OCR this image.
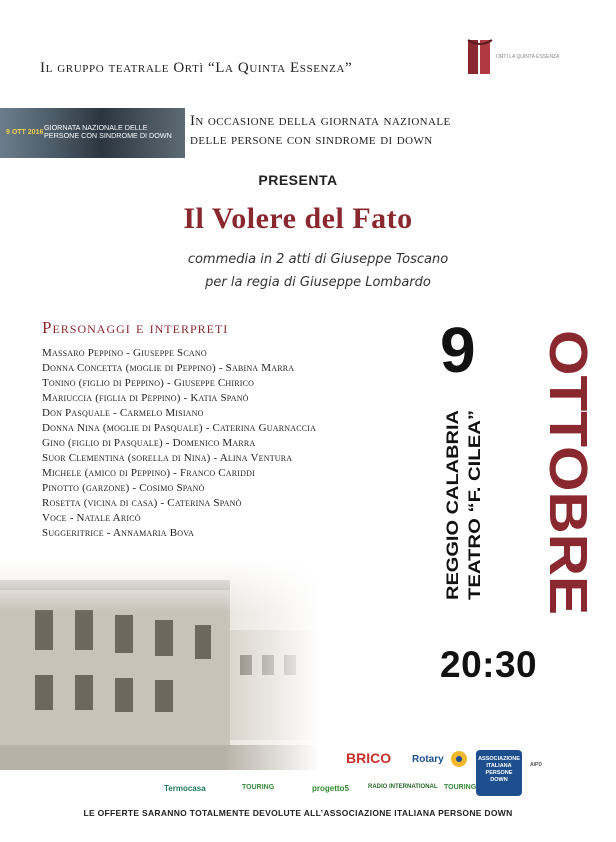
Il gruppo teatrale Ortì “La Quinta Essenza”
ORTÌ LA QUINTA ESSENZA
9 OTT 2016
GIORNATA NAZIONALE DELLE
PERSONE CON SINDROME DI DOWN
In occasione della giornata nazionale
delle persone con sindrome di down
PRESENTA
Il Volere del Fato
commedia in 2 atti di Giuseppe Toscano
per la regia di Giuseppe Lombardo
Personaggi e interpreti
Massaro Peppino - Giuseppe Scano
Donna Concetta (moglie di Peppino) - Sabina Marra
Tonino (figlio di Peppino) - Giuseppe Chirico
Mariuccia (figlia di Peppino) - Katia Spanò
Don Pasquale - Carmelo Misiano
Donna Nina (moglie di Pasquale) - Caterina Guarnaccia
Gino (figlio di Pasquale) - Domenico Marra
Suor Clementina (sorella di Nina) - Alina Ventura
Michele (amico di Peppino) - Franco Cariddi
Pinotto (garzone) - Cosimo Spanò
Rosetta (vicina di casa) - Caterina Spanò
Voce - Natale Aricò
Suggeritrice - Annamaria Bova
9 OTTOBRE
REGGIO CALABRIA TEATRO “F. CILEA”
20:30
BRICO Rotary	ASSOCIAZIONE
ITALIANA
PERSONE
DOWN
AIPD
Termocasa	TOURING	progetto5	RADIO INTERNATIONAL TOURING
LE OFFERTE SARANNO TOTALMENTE DEVOLUTE ALL’ASSOCIAZIONE ITALIANA PERSONE DOWN
